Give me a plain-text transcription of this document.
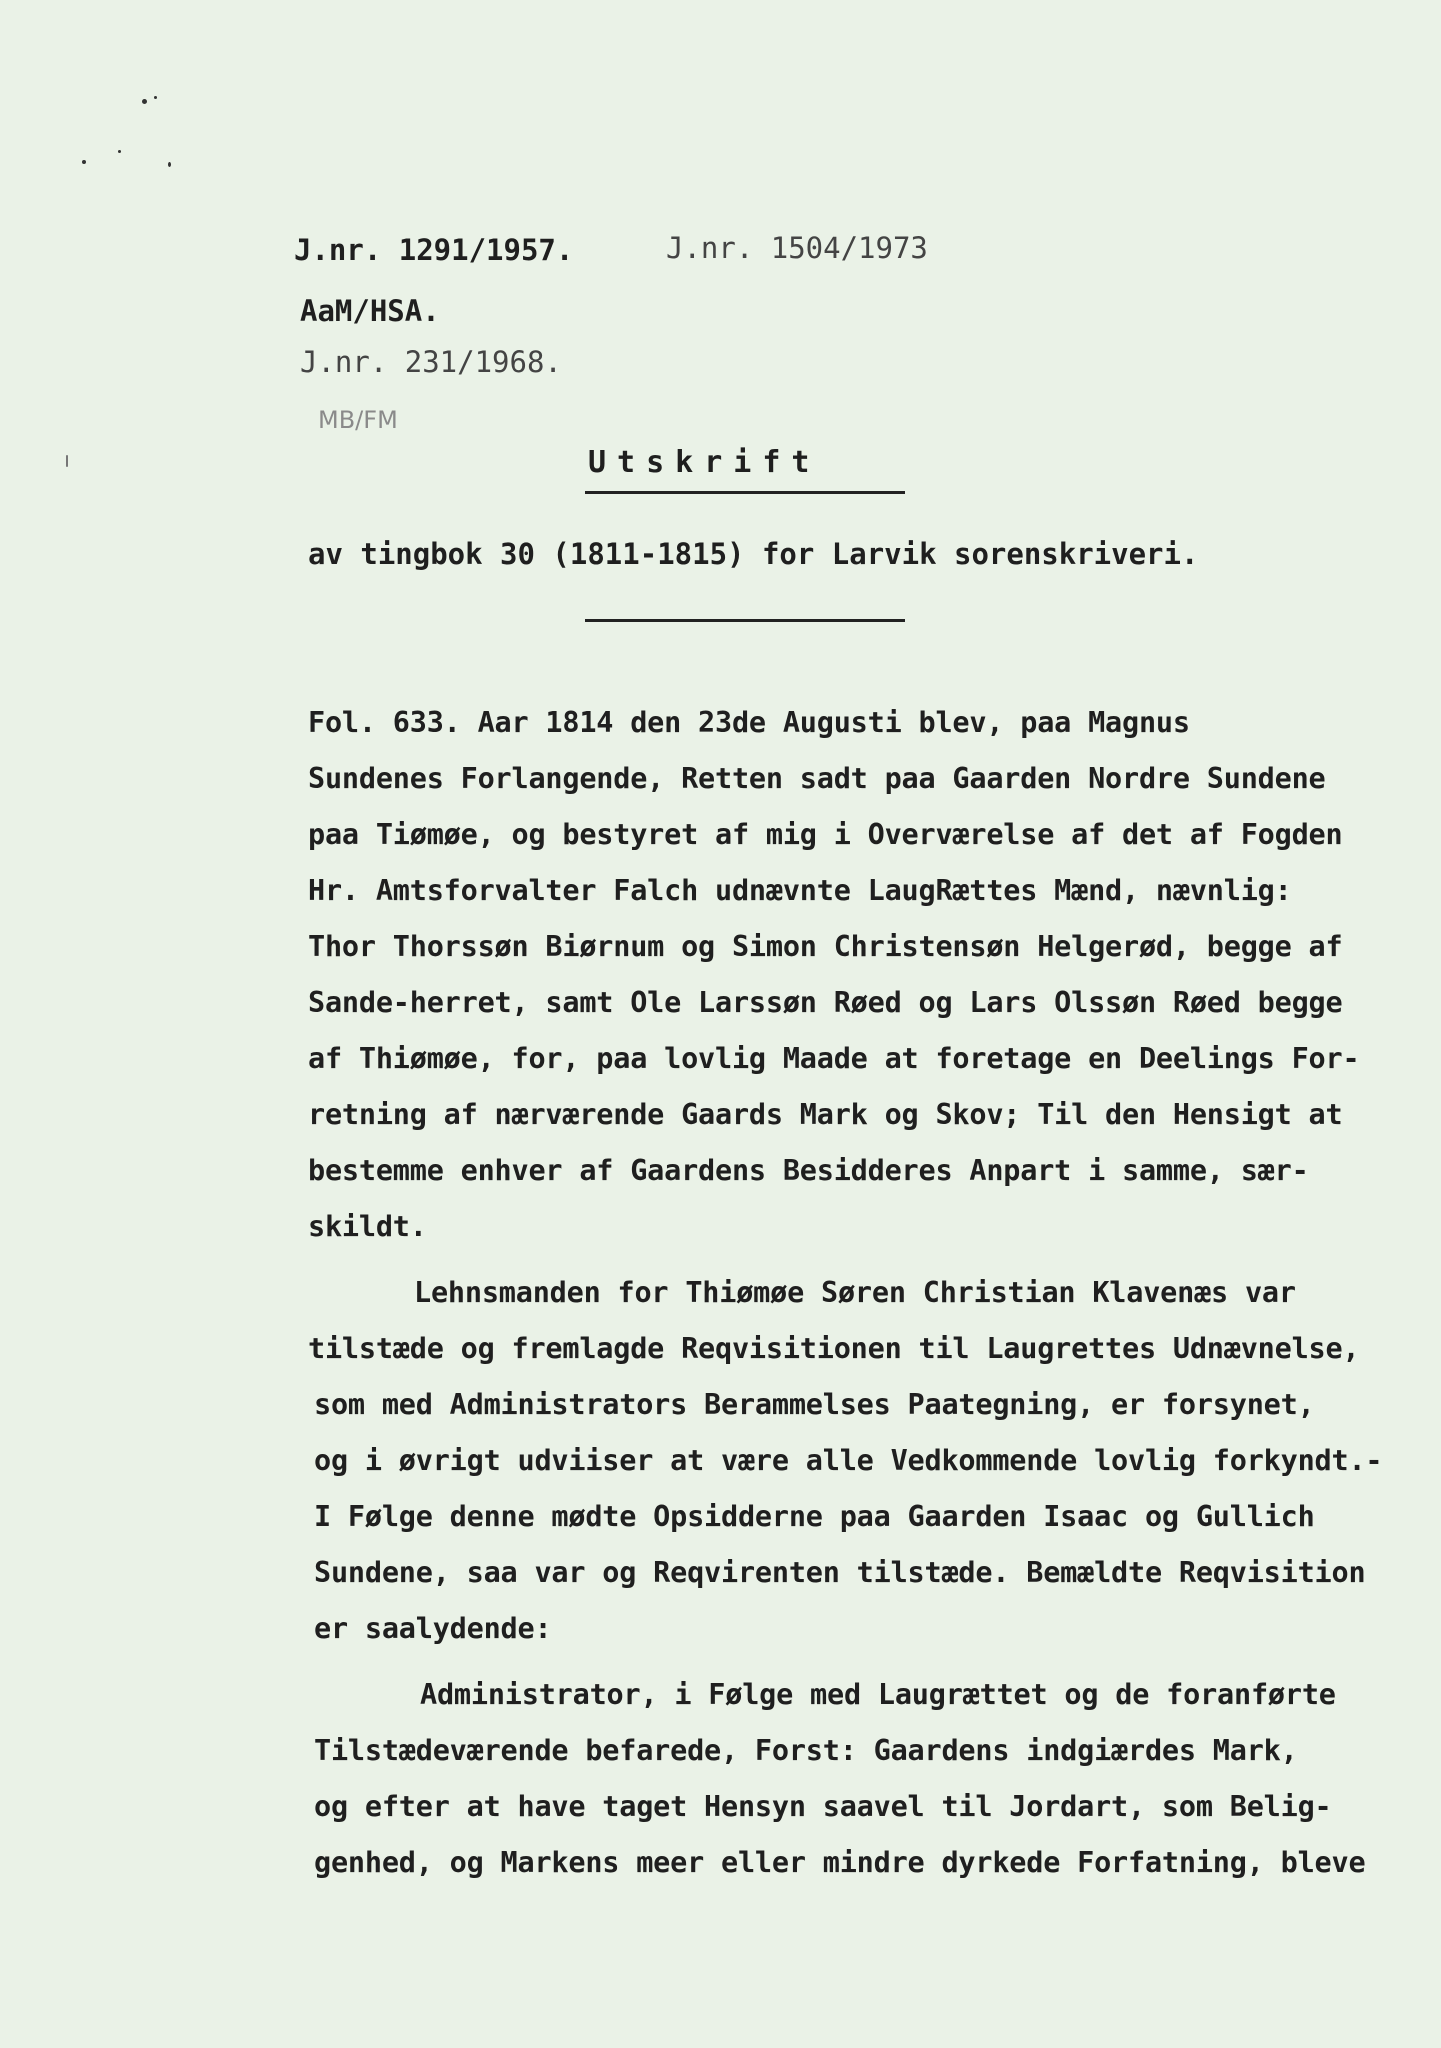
J.nr. 1291/1957.	J.nr. 1504/1973
AaM/HSA.
J.nr. 231/1968.
MB/FM
Utskrift
av tingbok 30 (1811-1815) for Larvik sorenskriveri.
Fol. 633. Aar 1814 den 23de Augusti blev, paa Magnus
Sundenes Forlangende, Retten sadt paa Gaarden Nordre Sundene
paa Tiømøe, og bestyret af mig i Overværelse af det af Fogden
Hr. Amtsforvalter Falch udnævnte LaugRættes Mænd, nævnlig:
Thor Thorssøn Biørnum og Simon Christensøn Helgerød, begge af
Sande-herret, samt Ole Larssøn Røed og Lars Olssøn Røed begge
af Thiømøe, for, paa lovlig Maade at foretage en Deelings For-
retning af nærværende Gaards Mark og Skov; Til den Hensigt at
bestemme enhver af Gaardens Besidderes Anpart i samme, sær-
skildt.
Lehnsmanden for Thiømøe Søren Christian Klavenæs var
tilstæde og fremlagde Reqvisitionen til Laugrettes Udnævnelse,
som med Administrators Berammelses Paategning, er forsynet,
og i øvrigt udviiser at være alle Vedkommende lovlig forkyndt.-
I Følge denne mødte Opsidderne paa Gaarden Isaac og Gullich
Sundene, saa var og Reqvirenten tilstæde. Bemældte Reqvisition
er saalydende:
Administrator, i Følge med Laugrættet og de foranførte
Tilstædeværende befarede, Forst: Gaardens indgiærdes Mark,
og efter at have taget Hensyn saavel til Jordart, som Belig-
genhed, og Markens meer eller mindre dyrkede Forfatning, bleve
